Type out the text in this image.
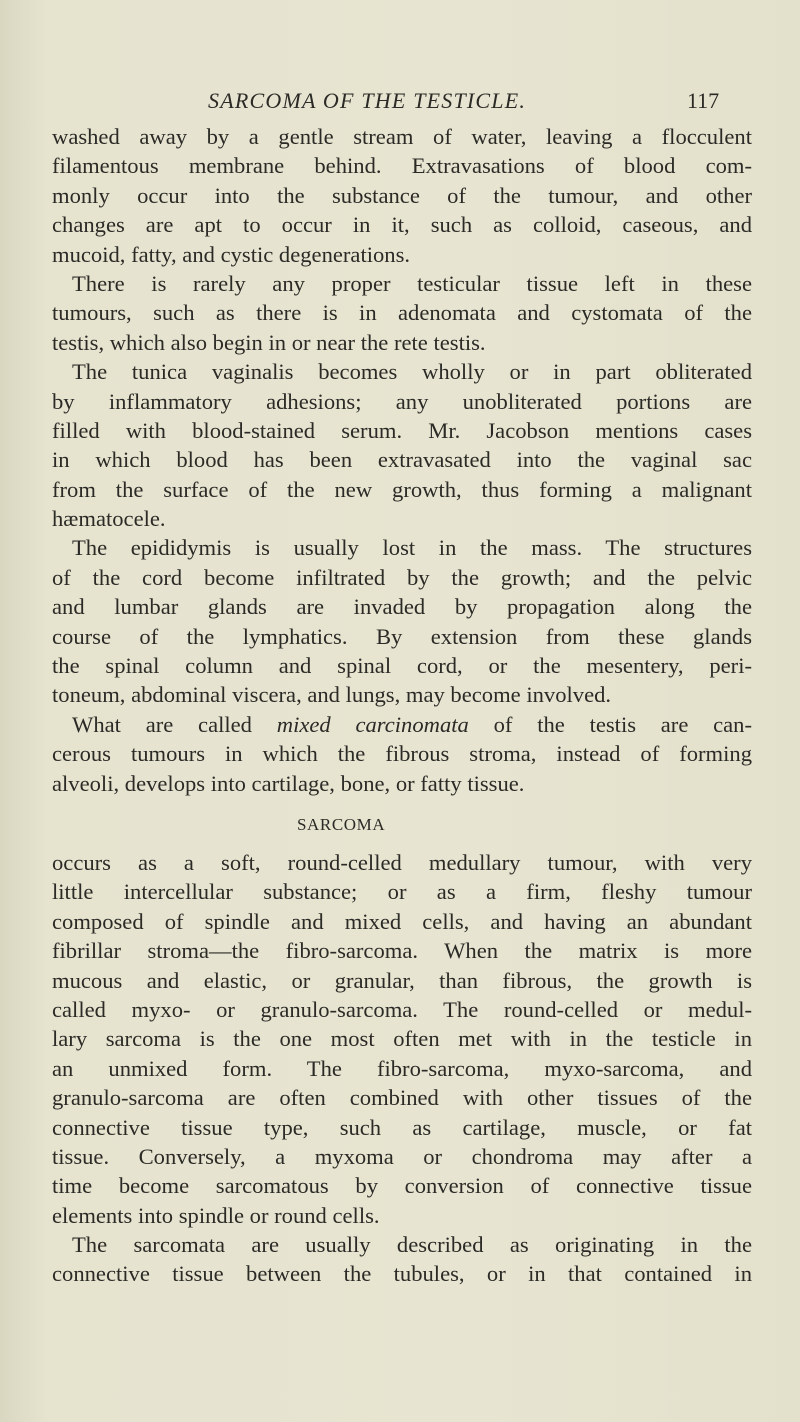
SARCOMA OF THE TESTICLE.	117
washed away by a gentle stream of water, leaving a flocculent
filamentous membrane behind. Extravasations of blood com-
monly occur into the substance of the tumour, and other
changes are apt to occur in it, such as colloid, caseous, and
mucoid, fatty, and cystic degenerations.
There is rarely any proper testicular tissue left in these
tumours, such as there is in adenomata and cystomata of the
testis, which also begin in or near the rete testis.
The tunica vaginalis becomes wholly or in part obliterated
by inflammatory adhesions; any unobliterated portions are
filled with blood-stained serum. Mr. Jacobson mentions cases
in which blood has been extravasated into the vaginal sac
from the surface of the new growth, thus forming a malignant
hæmatocele.
The epididymis is usually lost in the mass. The structures
of the cord become infiltrated by the growth; and the pelvic
and lumbar glands are invaded by propagation along the
course of the lymphatics. By extension from these glands
the spinal column and spinal cord, or the mesentery, peri-
toneum, abdominal viscera, and lungs, may become involved.
What are called mixed carcinomata of the testis are can-
cerous tumours in which the fibrous stroma, instead of forming
alveoli, develops into cartilage, bone, or fatty tissue.
SARCOMA
occurs as a soft, round-celled medullary tumour, with very
little intercellular substance; or as a firm, fleshy tumour
composed of spindle and mixed cells, and having an abundant
fibrillar stroma—the fibro-sarcoma. When the matrix is more
mucous and elastic, or granular, than fibrous, the growth is
called myxo- or granulo-sarcoma. The round-celled or medul-
lary sarcoma is the one most often met with in the testicle in
an unmixed form. The fibro-sarcoma, myxo-sarcoma, and
granulo-sarcoma are often combined with other tissues of the
connective tissue type, such as cartilage, muscle, or fat
tissue. Conversely, a myxoma or chondroma may after a
time become sarcomatous by conversion of connective tissue
elements into spindle or round cells.
The sarcomata are usually described as originating in the
connective tissue between the tubules, or in that contained in
